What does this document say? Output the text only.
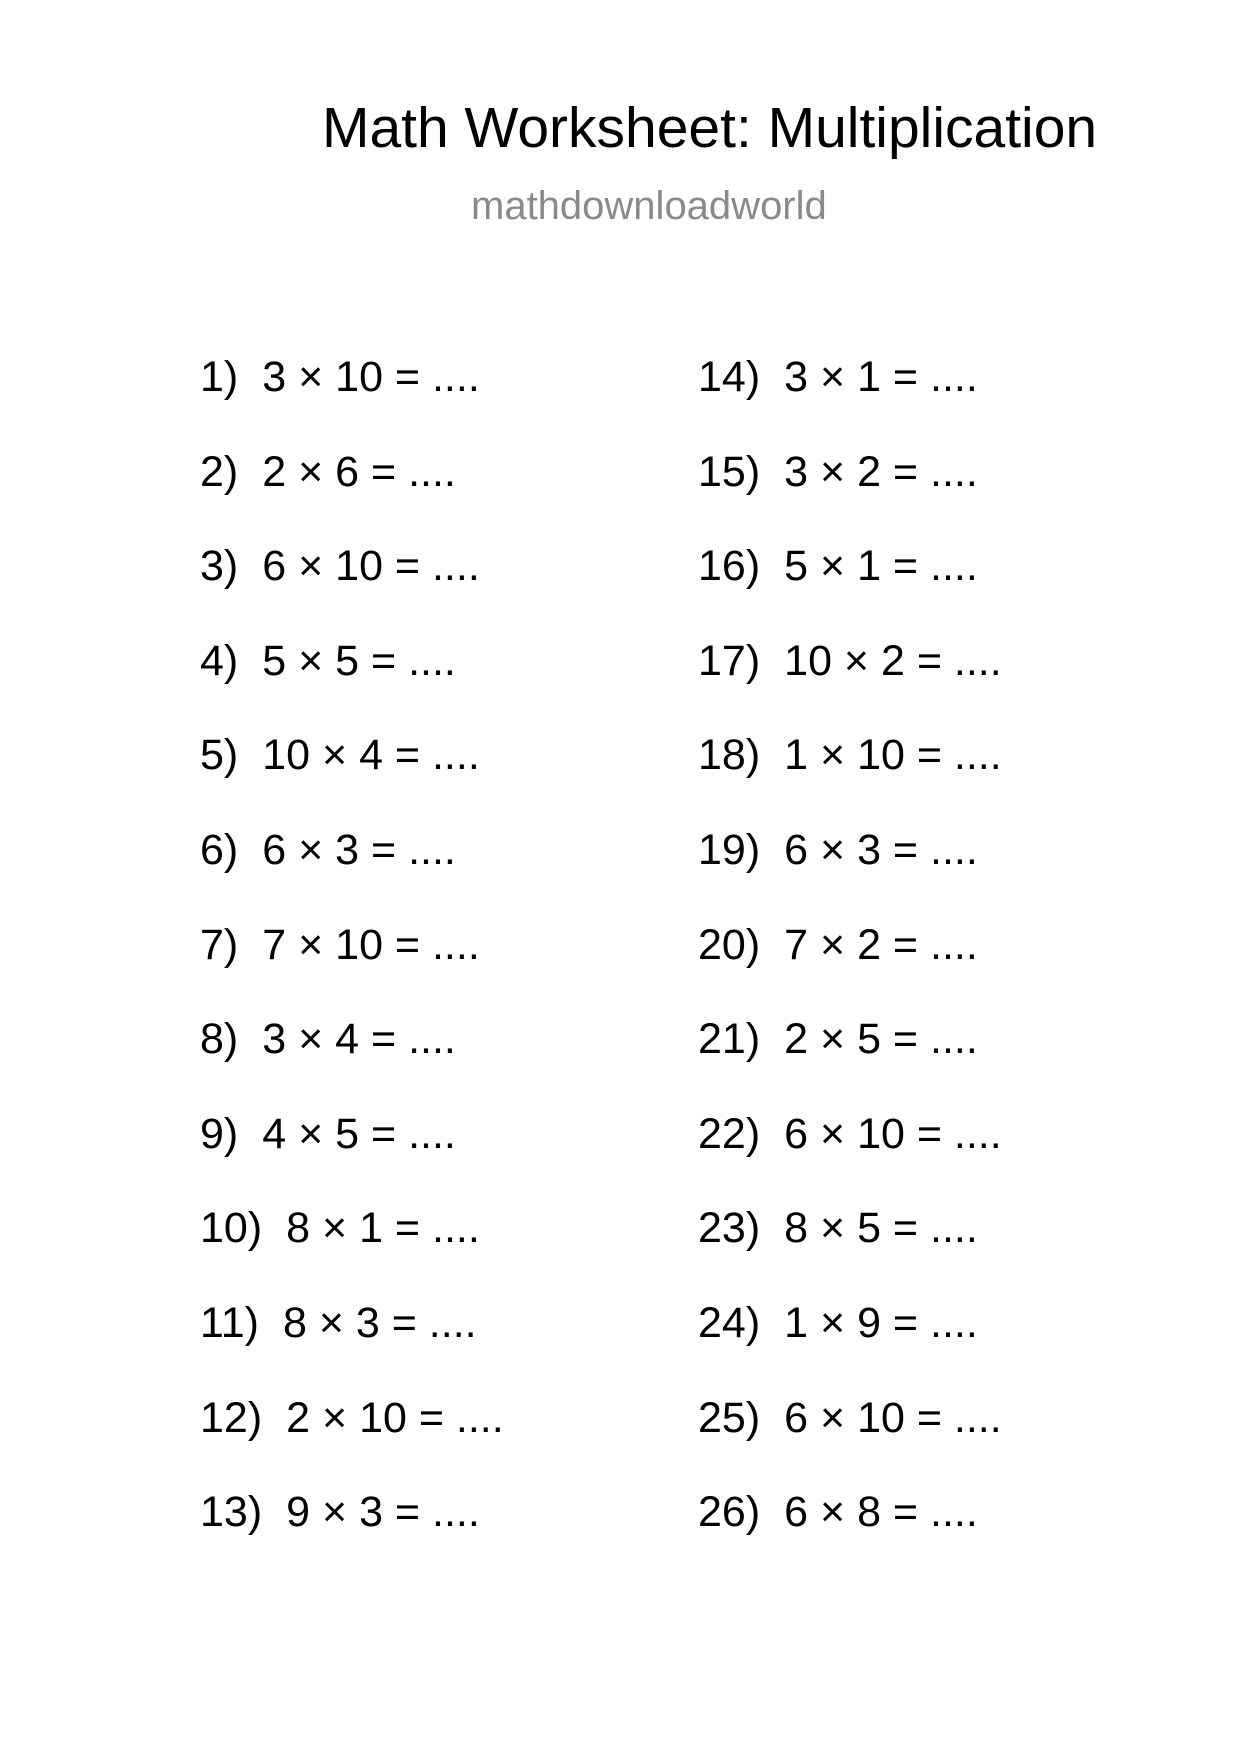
Math Worksheet: Multiplication
mathdownloadworld
1) 3 × 10 = ....
2) 2 × 6 = ....
3) 6 × 10 = ....
4) 5 × 5 = ....
5) 10 × 4 = ....
6) 6 × 3 = ....
7) 7 × 10 = ....
8) 3 × 4 = ....
9) 4 × 5 = ....
10) 8 × 1 = ....
11) 8 × 3 = ....
12) 2 × 10 = ....
13) 9 × 3 = ....
14) 3 × 1 = ....
15) 3 × 2 = ....
16) 5 × 1 = ....
17) 10 × 2 = ....
18) 1 × 10 = ....
19) 6 × 3 = ....
20) 7 × 2 = ....
21) 2 × 5 = ....
22) 6 × 10 = ....
23) 8 × 5 = ....
24) 1 × 9 = ....
25) 6 × 10 = ....
26) 6 × 8 = ....
